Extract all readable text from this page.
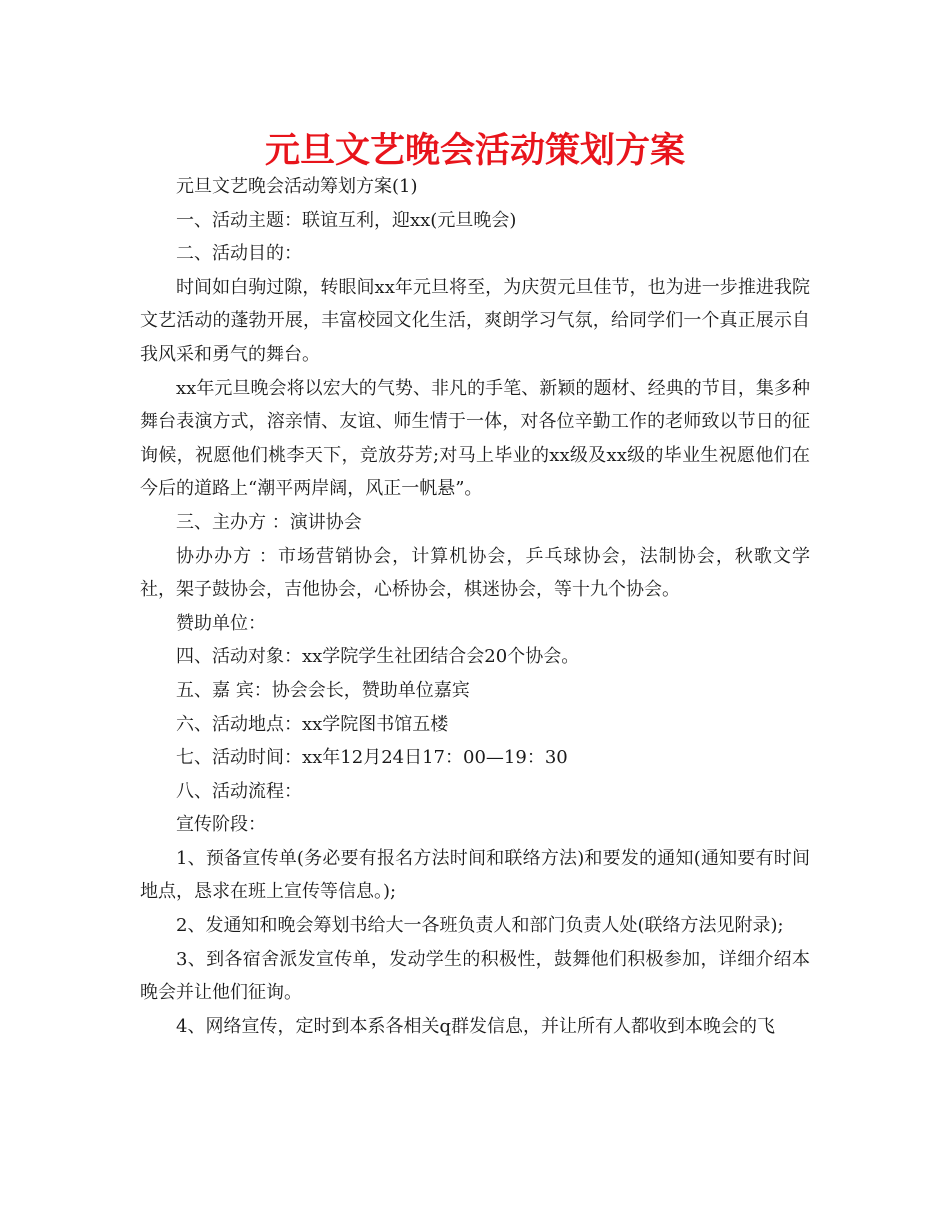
元旦文艺晚会活动策划方案

元旦文艺晚会活动筹划方案(1)

一、活动主题：联谊互利，迎xx(元旦晚会)

二、活动目的：

时间如白驹过隙，转眼间xx年元旦将至，为庆贺元旦佳节，也为进一步推进我院文艺活动的蓬勃开展，丰富校园文化生活，爽朗学习气氛，给同学们一个真正展示自我风采和勇气的舞台。

xx年元旦晚会将以宏大的气势、非凡的手笔、新颖的题材、经典的节目，集多种舞台表演方式，溶亲情、友谊、师生情于一体，对各位辛勤工作的老师致以节日的征询候，祝愿他们桃李天下，竞放芬芳;对马上毕业的xx级及xx级的毕业生祝愿他们在今后的道路上“潮平两岸阔，风正一帆悬”。

三、主办方 ：演讲协会

协办办方 ：市场营销协会，计算机协会，乒乓球协会，法制协会，秋歌文学社，架子鼓协会，吉他协会，心桥协会，棋迷协会，等十九个协会。

赞助单位：

四、活动对象：xx学院学生社团结合会20个协会。

五、嘉 宾：协会会长，赞助单位嘉宾

六、活动地点：xx学院图书馆五楼

七、活动时间：xx年12月24日17：00—19：30

八、活动流程：

宣传阶段：

1、预备宣传单(务必要有报名方法时间和联络方法)和要发的通知(通知要有时间地点，恳求在班上宣传等信息。);

2、发通知和晚会筹划书给大一各班负责人和部门负责人处(联络方法见附录);

3、到各宿舍派发宣传单，发动学生的积极性，鼓舞他们积极参加，详细介绍本晚会并让他们征询。

4、网络宣传，定时到本系各相关q群发信息，并让所有人都收到本晚会的飞
